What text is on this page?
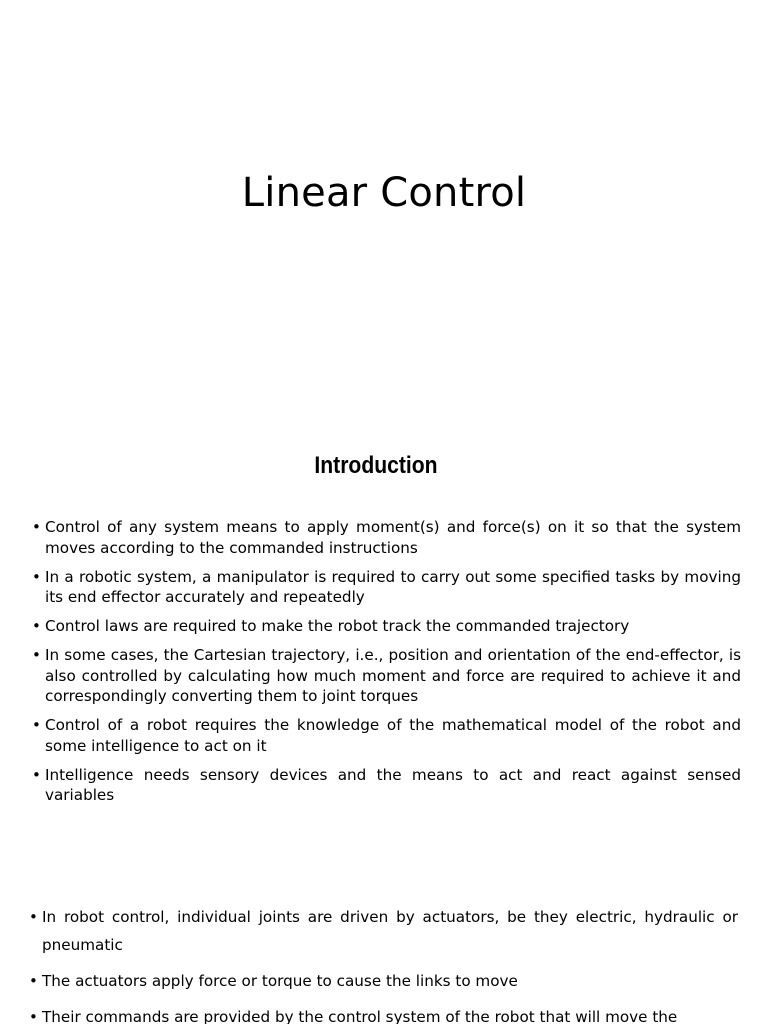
Linear Control
Introduction
• Control of any system means to apply moment(s) and force(s) on it so that the system moves according to the commanded instructions
• In a robotic system, a manipulator is required to carry out some specified tasks by moving its end effector accurately and repeatedly
• Control laws are required to make the robot track the commanded trajectory
• In some cases, the Cartesian trajectory, i.e., position and orientation of the end-effector, is also controlled by calculating how much moment and force are required to achieve it and correspondingly converting them to joint torques
• Control of a robot requires the knowledge of the mathematical model of the robot and some intelligence to act on it
• Intelligence needs sensory devices and the means to act and react against sensed variables
• In robot control, individual joints are driven by actuators, be they electric, hydraulic or pneumatic
• The actuators apply force or torque to cause the links to move
• Their commands are provided by the control system of the robot that will move the
